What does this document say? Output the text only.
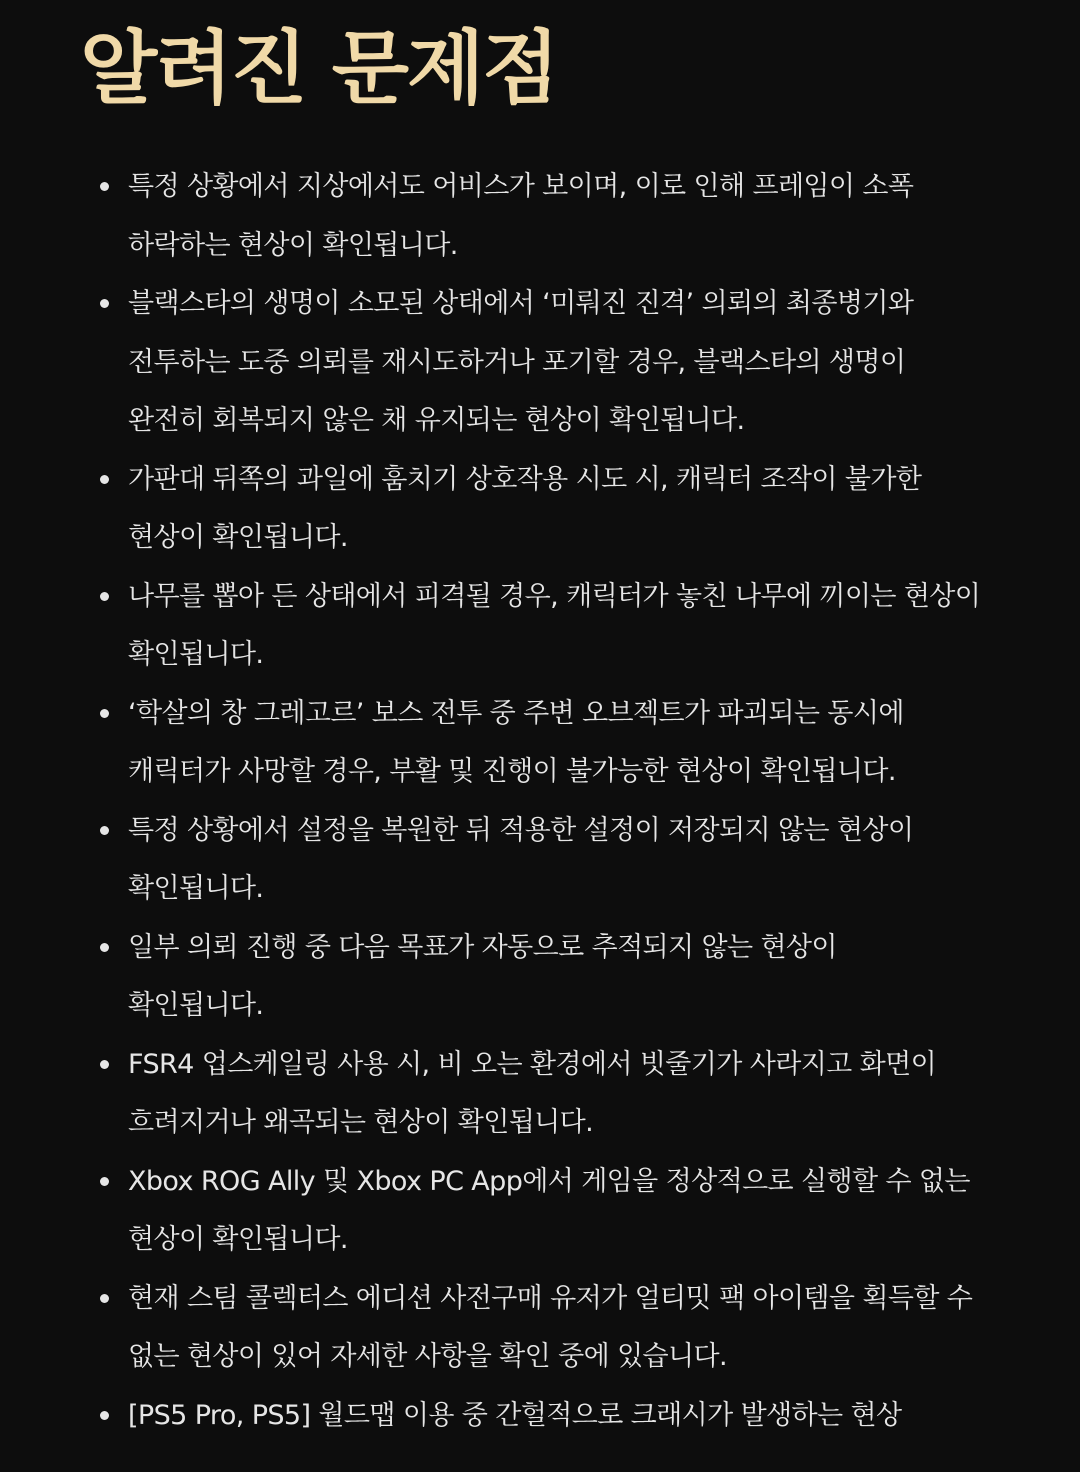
알려진 문제점
특정 상황에서 지상에서도 어비스가 보이며, 이로 인해 프레임이 소폭
하락하는 현상이 확인됩니다.
블랙스타의 생명이 소모된 상태에서 ‘미뤄진 진격’ 의뢰의 최종병기와
전투하는 도중 의뢰를 재시도하거나 포기할 경우, 블랙스타의 생명이
완전히 회복되지 않은 채 유지되는 현상이 확인됩니다.
가판대 뒤쪽의 과일에 훔치기 상호작용 시도 시, 캐릭터 조작이 불가한
현상이 확인됩니다.
나무를 뽑아 든 상태에서 피격될 경우, 캐릭터가 놓친 나무에 끼이는 현상이
확인됩니다.
‘학살의 창 그레고르’ 보스 전투 중 주변 오브젝트가 파괴되는 동시에
캐릭터가 사망할 경우, 부활 및 진행이 불가능한 현상이 확인됩니다.
특정 상황에서 설정을 복원한 뒤 적용한 설정이 저장되지 않는 현상이
확인됩니다.
일부 의뢰 진행 중 다음 목표가 자동으로 추적되지 않는 현상이
확인됩니다.
FSR4 업스케일링 사용 시, 비 오는 환경에서 빗줄기가 사라지고 화면이
흐려지거나 왜곡되는 현상이 확인됩니다.
Xbox ROG Ally 및 Xbox PC App에서 게임을 정상적으로 실행할 수 없는
현상이 확인됩니다.
현재 스팀 콜렉터스 에디션 사전구매 유저가 얼티밋 팩 아이템을 획득할 수
없는 현상이 있어 자세한 사항을 확인 중에 있습니다.
[PS5 Pro, PS5] 월드맵 이용 중 간헐적으로 크래시가 발생하는 현상
